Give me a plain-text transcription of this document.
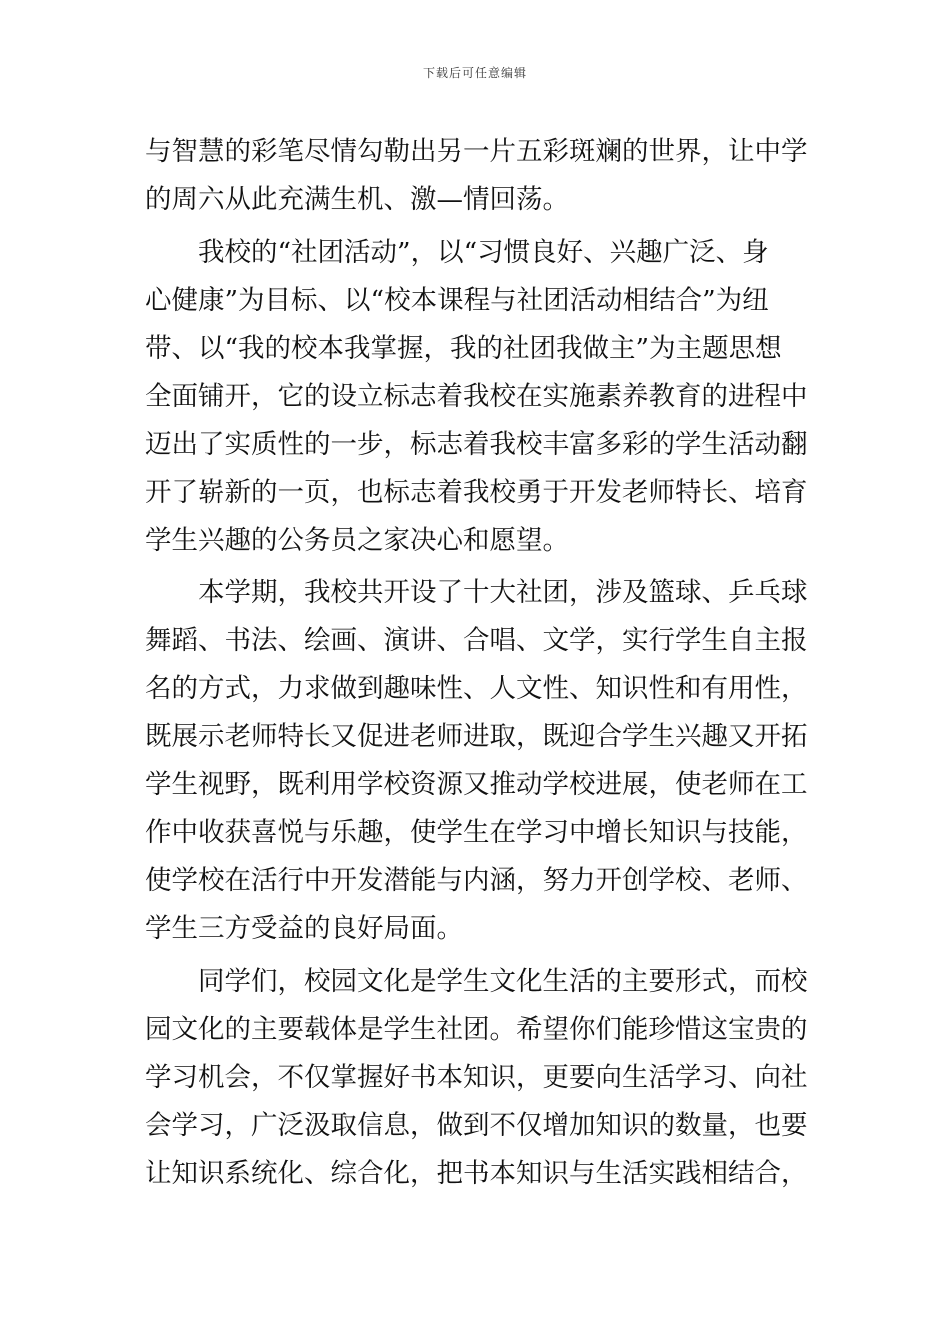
下载后可任意编辑
与智慧的彩笔尽情勾勒出另一片五彩斑斓的世界，让中学
的周六从此充满生机、激—情回荡。
我校的“社团活动”，以“习惯良好、兴趣广泛、身
心健康”为目标、以“校本课程与社团活动相结合”为纽
带、以“我的校本我掌握，我的社团我做主”为主题思想
全面铺开，它的设立标志着我校在实施素养教育的进程中
迈出了实质性的一步，标志着我校丰富多彩的学生活动翻
开了崭新的一页，也标志着我校勇于开发老师特长、培育
学生兴趣的公务员之家决心和愿望。
本学期，我校共开设了十大社团，涉及篮球、乒乓球
舞蹈、书法、绘画、演讲、合唱、文学，实行学生自主报
名的方式，力求做到趣味性、人文性、知识性和有用性，
既展示老师特长又促进老师进取，既迎合学生兴趣又开拓
学生视野，既利用学校资源又推动学校进展，使老师在工
作中收获喜悦与乐趣，使学生在学习中增长知识与技能，
使学校在活行中开发潜能与内涵，努力开创学校、老师、
学生三方受益的良好局面。
同学们，校园文化是学生文化生活的主要形式，而校
园文化的主要载体是学生社团。希望你们能珍惜这宝贵的
学习机会，不仅掌握好书本知识，更要向生活学习、向社
会学习，广泛汲取信息，做到不仅增加知识的数量，也要
让知识系统化、综合化，把书本知识与生活实践相结合，
